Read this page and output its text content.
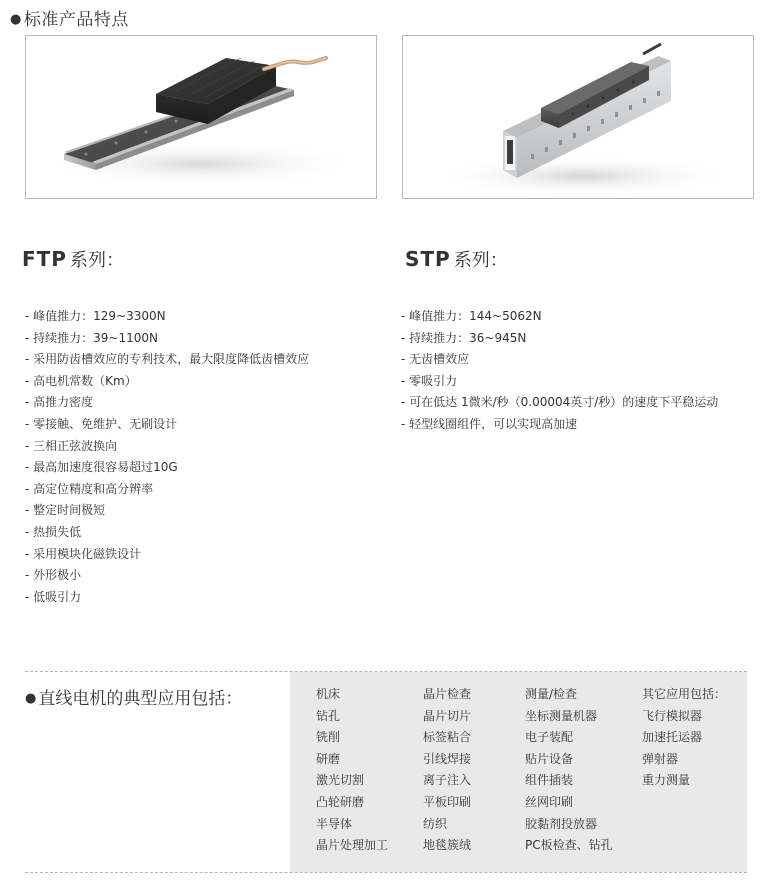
● 标准产品特点
FTP 系列：	STP 系列：
- 峰值推力：129~3300N
- 持续推力：39~1100N
- 采用防齿槽效应的专利技术，最大限度降低齿槽效应
- 高电机常数（Km）
- 高推力密度
- 零接触、免维护、无刷设计
- 三相正弦波换向
- 最高加速度很容易超过10G
- 高定位精度和高分辨率
- 整定时间极短
- 热损失低
- 采用模块化磁铁设计
- 外形极小
- 低吸引力
- 峰值推力：144~5062N
- 持续推力：36~945N
- 无齿槽效应
- 零吸引力
- 可在低达 1微米/秒（0.00004英寸/秒）的速度下平稳运动
- 轻型线圈组件，可以实现高加速
● 直线电机的典型应用包括：	机床
钻孔
铣削
研磨
激光切割
凸轮研磨
半导体
晶片处理加工
晶片检查
晶片切片
标签粘合
引线焊接
离子注入
平板印刷
纺织
地毯簇绒
测量/检查
坐标测量机器
电子装配
贴片设备
组件插装
丝网印刷
胶黏剂投放器
PC板检查、钻孔
其它应用包括：
飞行模拟器
加速托运器
弹射器
重力测量
